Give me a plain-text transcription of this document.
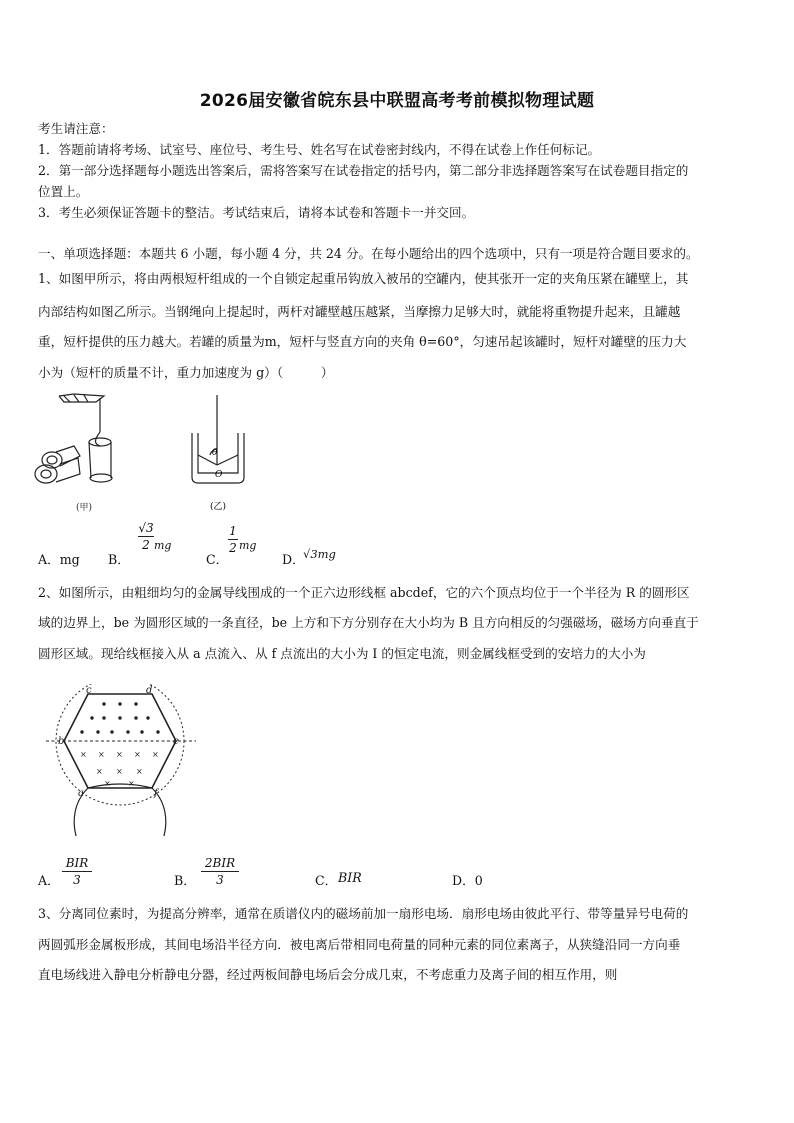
2026届安徽省皖东县中联盟高考考前模拟物理试题
考生请注意：
1．答题前请将考场、试室号、座位号、考生号、姓名写在试卷密封线内，不得在试卷上作任何标记。
2．第一部分选择题每小题选出答案后，需将答案写在试卷指定的括号内，第二部分非选择题答案写在试卷题目指定的
位置上。
3．考生必须保证答题卡的整洁。考试结束后，请将本试卷和答题卡一并交回。
一、单项选择题：本题共 6 小题，每小题 4 分，共 24 分。在每小题给出的四个选项中，只有一项是符合题目要求的。
1、如图甲所示，将由两根短杆组成的一个自锁定起重吊钩放入被吊的空罐内，使其张开一定的夹角压紧在罐壁上，其
内部结构如图乙所示。当钢绳向上提起时，两杆对罐壁越压越紧，当摩擦力足够大时，就能将重物提升起来，且罐越
重，短杆提供的压力越大。若罐的质量为m，短杆与竖直方向的夹角 θ=60°，匀速吊起该罐时，短杆对罐壁的压力大
小为（短杆的质量不计，重力加速度为 g）（　　　）
(甲)
θ
O
(乙)
A．mg B．
√3
2 mg
C．
1
2 mg
D．
√3mg
2、如图所示，由粗细均匀的金属导线围成的一个正六边形线框 abcdef，它的六个顶点均位于一个半径为 R 的圆形区
域的边界上，be 为圆形区域的一条直径，be 上方和下方分别存在大小均为 B 且方向相反的匀强磁场，磁场方向垂直于
圆形区域。现给线框接入从 a 点流入、从 f 点流出的大小为 I 的恒定电流，则金属线框受到的安培力的大小为
× × × × ×
× × ×
× ×
c	d
b	e
a	f
A．
BIR
3	B．
2BIR
3	C． BIR	D．0
3、分离同位素时，为提高分辨率，通常在质谱仪内的磁场前加一扇形电场．扇形电场由彼此平行、带等量异号电荷的
两圆弧形金属板形成，其间电场沿半径方向．被电离后带相同电荷量的同种元素的同位素离子，从狭缝沿同一方向垂
直电场线进入静电分析静电分器，经过两板间静电场后会分成几束，不考虑重力及离子间的相互作用，则
